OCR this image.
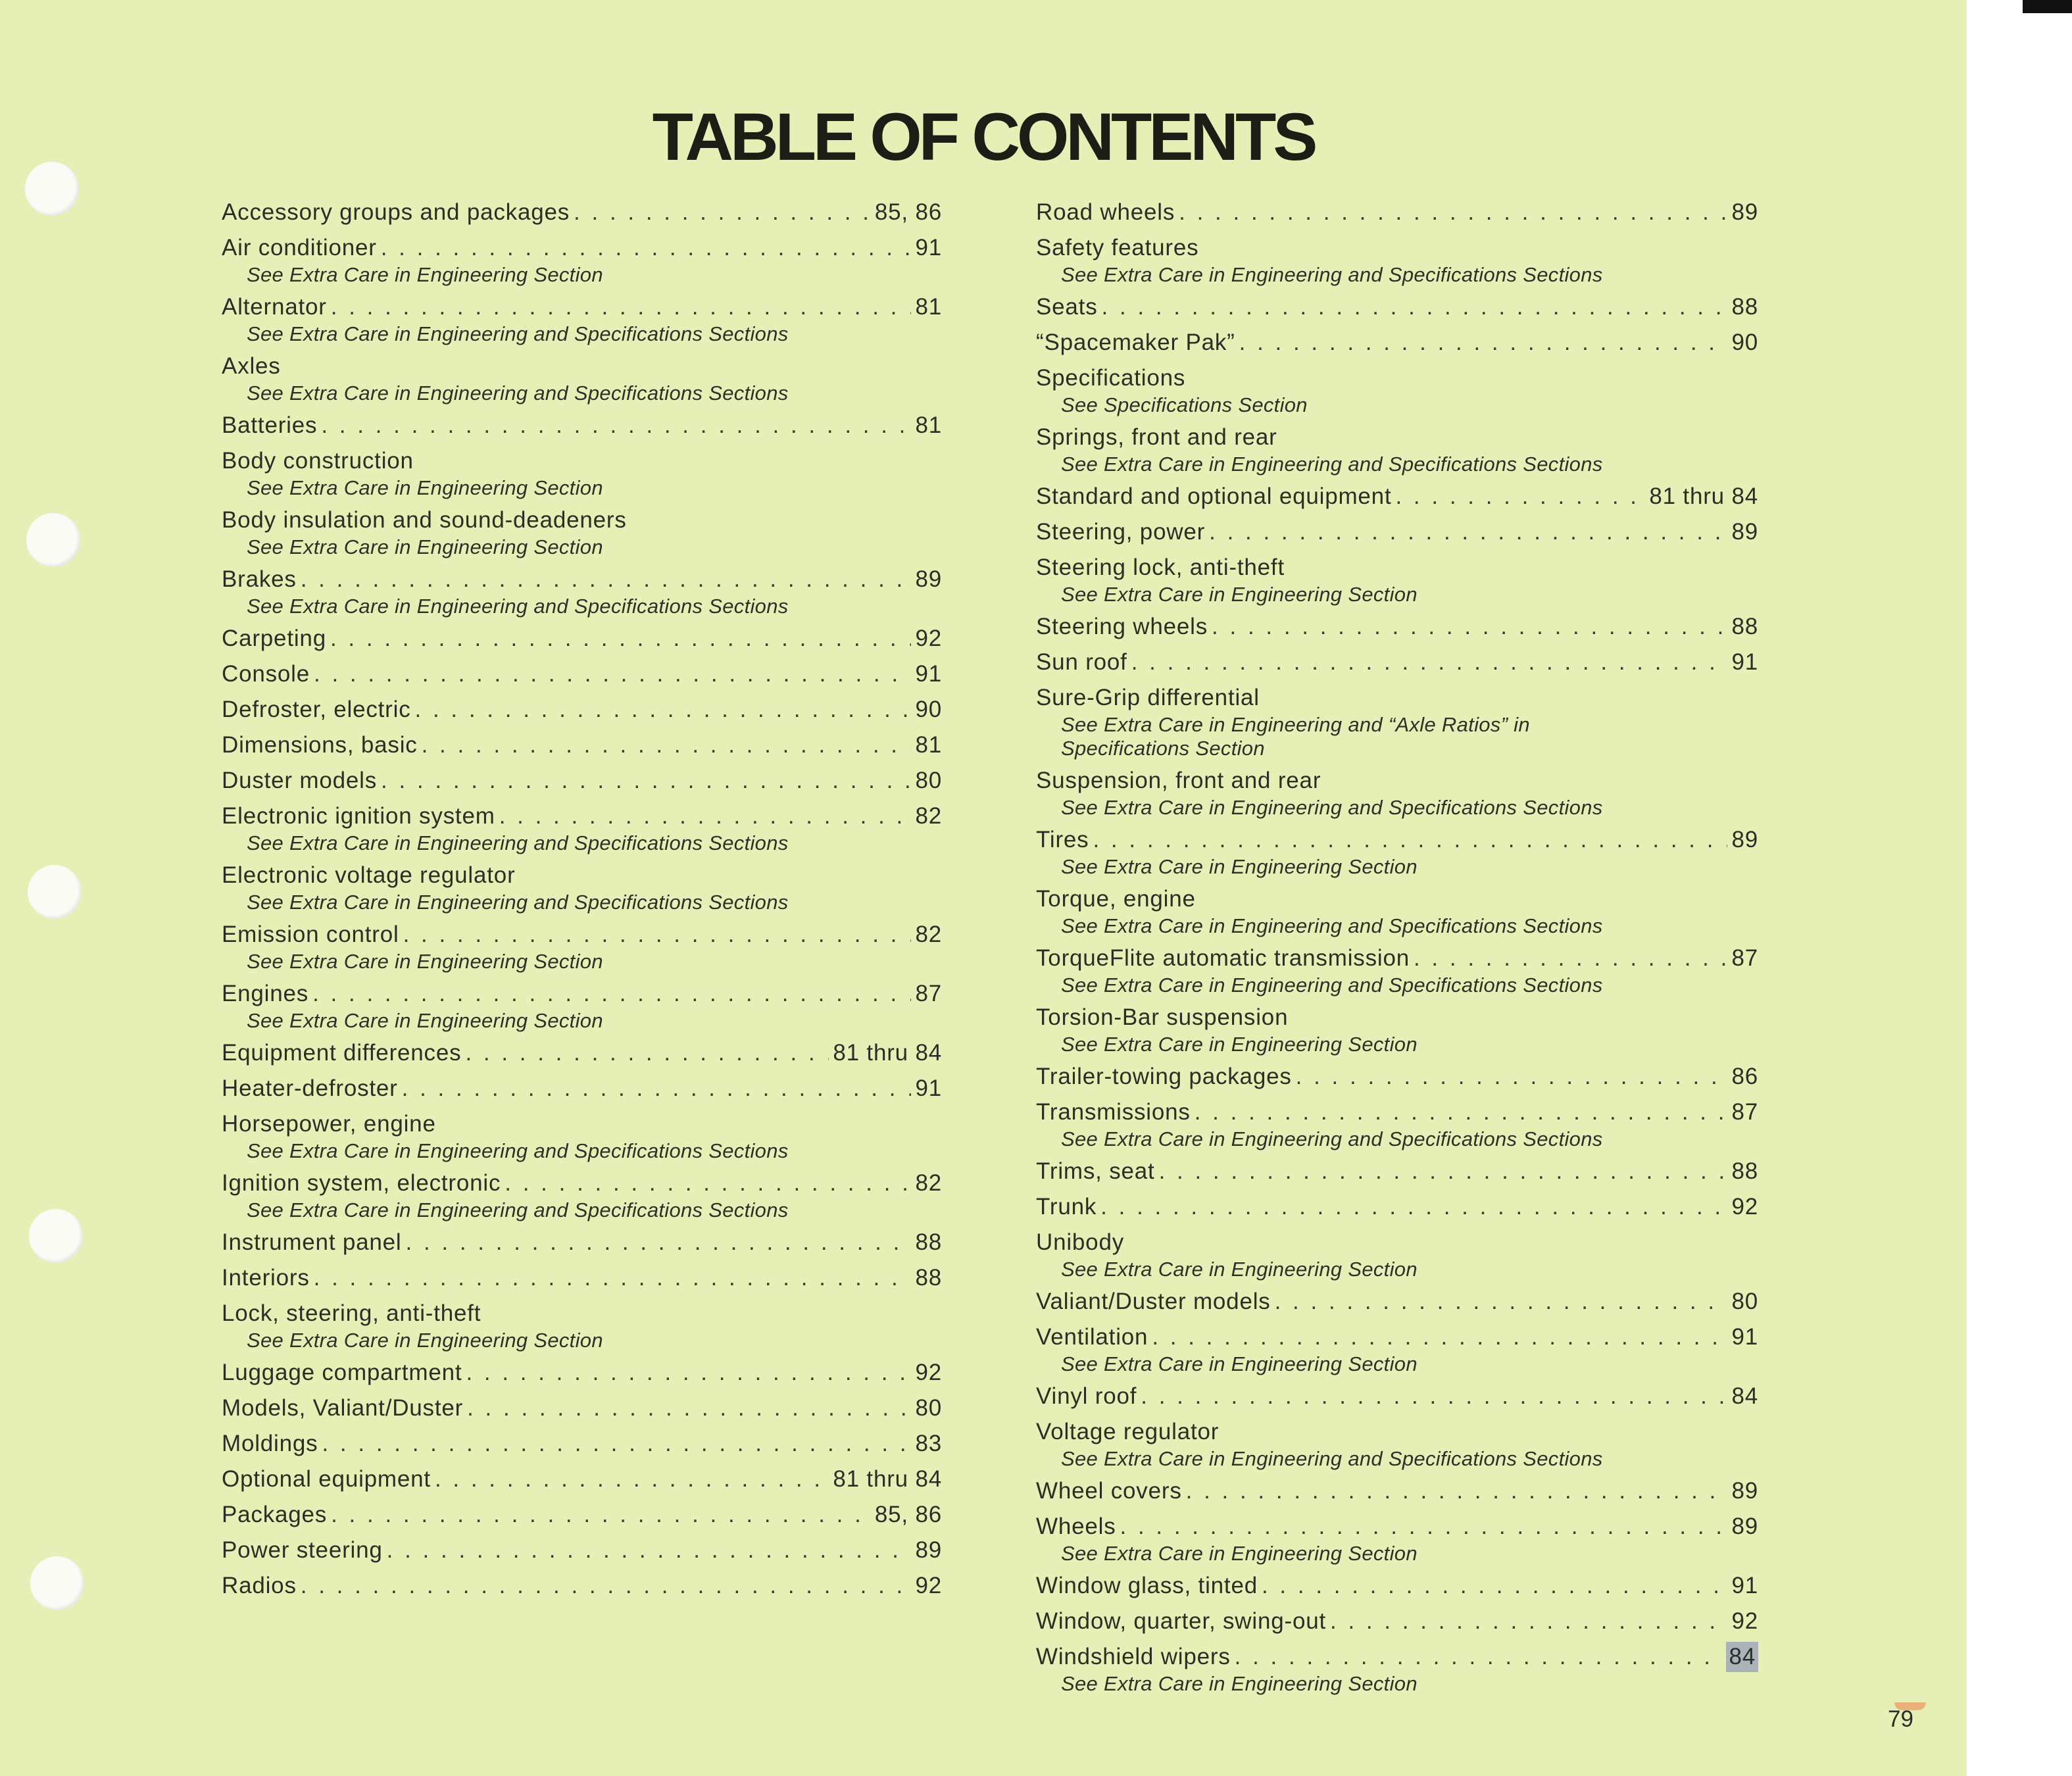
TABLE OF CONTENTS
Accessory groups and packages . . .	85, 86
Air conditioner . . .	91
See Extra Care in Engineering Section
Alternator . . .	81
See Extra Care in Engineering and Specifications Sections
Axles
See Extra Care in Engineering and Specifications Sections
Batteries . . .	81
Body construction
See Extra Care in Engineering Section
Body insulation and sound-deadeners
See Extra Care in Engineering Section
Brakes . . .	89
See Extra Care in Engineering and Specifications Sections
Carpeting . . .	92
Console . . .	91
Defroster, electric . . .	90
Dimensions, basic . . .	81
Duster models . . .	80
Electronic ignition system . . .	82
See Extra Care in Engineering and Specifications Sections
Electronic voltage regulator
See Extra Care in Engineering and Specifications Sections
Emission control . . .	82
See Extra Care in Engineering Section
Engines . . .	87
See Extra Care in Engineering Section
Equipment differences . . .	81 thru 84
Heater-defroster . . .	91
Horsepower, engine
See Extra Care in Engineering and Specifications Sections
Ignition system, electronic . . .	82
See Extra Care in Engineering and Specifications Sections
Instrument panel . . .	88
Interiors . . .	88
Lock, steering, anti-theft
See Extra Care in Engineering Section
Luggage compartment . . .	92
Models, Valiant/Duster . . .	80
Moldings . . .	83
Optional equipment . . .	81 thru 84
Packages . . .	85, 86
Power steering . . .	89
Radios . . .	92
Road wheels . . .	89
Safety features
See Extra Care in Engineering and Specifications Sections
Seats . . .	88
“Spacemaker Pak” . . .	90
Specifications
See Specifications Section
Springs, front and rear
See Extra Care in Engineering and Specifications Sections
Standard and optional equipment . . .	81 thru 84
Steering, power . . .	89
Steering lock, anti-theft
See Extra Care in Engineering Section
Steering wheels . . .	88
Sun roof . . .	91
Sure-Grip differential
See Extra Care in Engineering and “Axle Ratios” in
Specifications Section
Suspension, front and rear
See Extra Care in Engineering and Specifications Sections
Tires . . .	89
See Extra Care in Engineering Section
Torque, engine
See Extra Care in Engineering and Specifications Sections
TorqueFlite automatic transmission . . .	87
See Extra Care in Engineering and Specifications Sections
Torsion-Bar suspension
See Extra Care in Engineering Section
Trailer-towing packages . . .	86
Transmissions . . .	87
See Extra Care in Engineering and Specifications Sections
Trims, seat . . .	88
Trunk . . .	92
Unibody
See Extra Care in Engineering Section
Valiant/Duster models . . .	80
Ventilation . . .	91
See Extra Care in Engineering Section
Vinyl roof . . .	84
Voltage regulator
See Extra Care in Engineering and Specifications Sections
Wheel covers . . .	89
Wheels . . .	89
See Extra Care in Engineering Section
Window glass, tinted . . .	91
Window, quarter, swing-out . . .	92
Windshield wipers . . .	84
See Extra Care in Engineering Section
79
